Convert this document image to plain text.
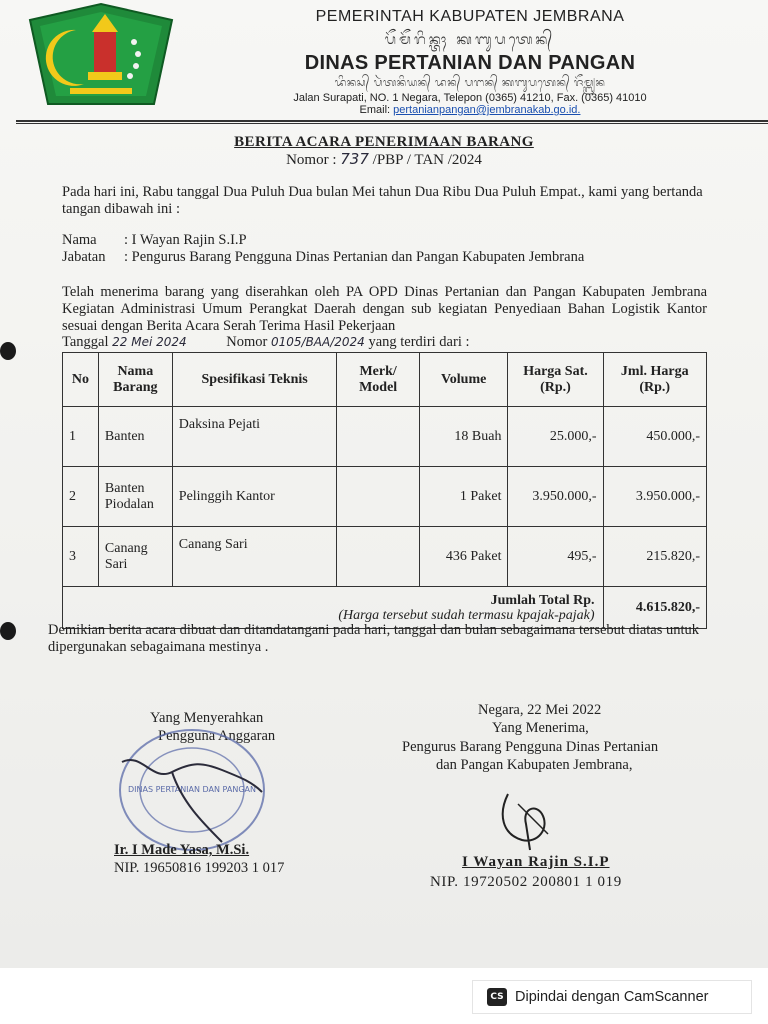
PEMERINTAH KABUPATEN JEMBRANA
ᬧᭂᬫᭂᬭᬶᬦ᭄ᬢᬄ ᬓᬩᬸᬧᬢᬾᬦ᭄
DINAS PERTANIAN DAN PANGAN
ᬤᬶᬦᬲ᭄ ᬧᬃᬢᬦᬶᬬᬦ᭄ ᬤᬦ᭄ ᬧᬗᬦ᭄ ᬓᬩᬸᬧᬢᬾᬦ᭄ ᬚᭂᬫ᭄ᬩ᭄ᬭᬦ
Jalan Surapati, NO. 1 Negara, Telepon (0365) 41210, Fax. (0365) 41010
Email: pertanianpangan@jembranakab.go.id.
BERITA ACARA PENERIMAAN BARANG
Nomor : 737 /PBP / TAN /2024
Pada hari ini, Rabu tanggal Dua Puluh Dua bulan Mei tahun Dua Ribu Dua Puluh Empat., kami yang bertanda tangan dibawah ini :
Nama : I Wayan Rajin S.I.P
Jabatan : Pengurus Barang Pengguna Dinas Pertanian dan Pangan Kabupaten Jembrana
Telah menerima barang yang diserahkan oleh PA OPD Dinas Pertanian dan Pangan Kabupaten Jembrana Kegiatan Administrasi Umum Perangkat Daerah dengan sub kegiatan Penyediaan Bahan Logistik Kantor sesuai dengan Berita Acara Serah Terima Hasil Pekerjaan
Tanggal 22 Mei 2024	Nomor 0105/BAA/2024 yang terdiri dari :
No	Nama Barang	Spesifikasi Teknis	Merk/ Model	Volume	Harga Sat. (Rp.)	Jml. Harga (Rp.)
1	Banten	Daksina Pejati		18 Buah	25.000,-	450.000,-
2	Banten Piodalan	Pelinggih Kantor		1 Paket	3.950.000,-	3.950.000,-
3	Canang Sari	Canang Sari		436 Paket	495,-	215.820,-

Jumlah Total Rp.
(Harga tersebut sudah termasu kpajak-pajak)						4.615.820,-
Demikian berita acara dibuat dan ditandatangani pada hari, tanggal dan bulan sebagaimana tersebut diatas untuk dipergunakan sebagaimana mestinya .
Yang Menyerahkan
Pengguna Anggaran
DINAS PERTANIAN DAN PANGAN
Ir. I Made Yasa, M.Si.
NIP. 19650816 199203 1 017
Negara, 22 Mei 2022
Yang Menerima,
Pengurus Barang Pengguna Dinas Pertanian
dan Pangan Kabupaten Jembrana,
I Wayan Rajin S.I.P
NIP. 19720502 200801 1 019
CS Dipindai dengan CamScanner
